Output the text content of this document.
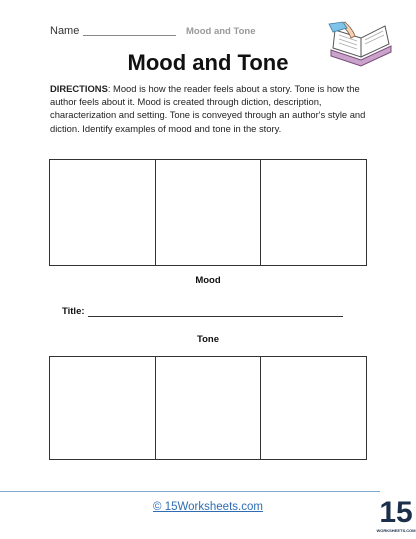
Name	Mood and Tone
Mood and Tone
DIRECTIONS: Mood is how the reader feels about a story. Tone is how the author feels about it. Mood is created through diction, description, characterization and setting. Tone is conveyed through an author's style and diction. Identify examples of mood and tone in the story.
Mood
Title:
Tone
© 15Worksheets.com	15
WORKSHEETS.COM
